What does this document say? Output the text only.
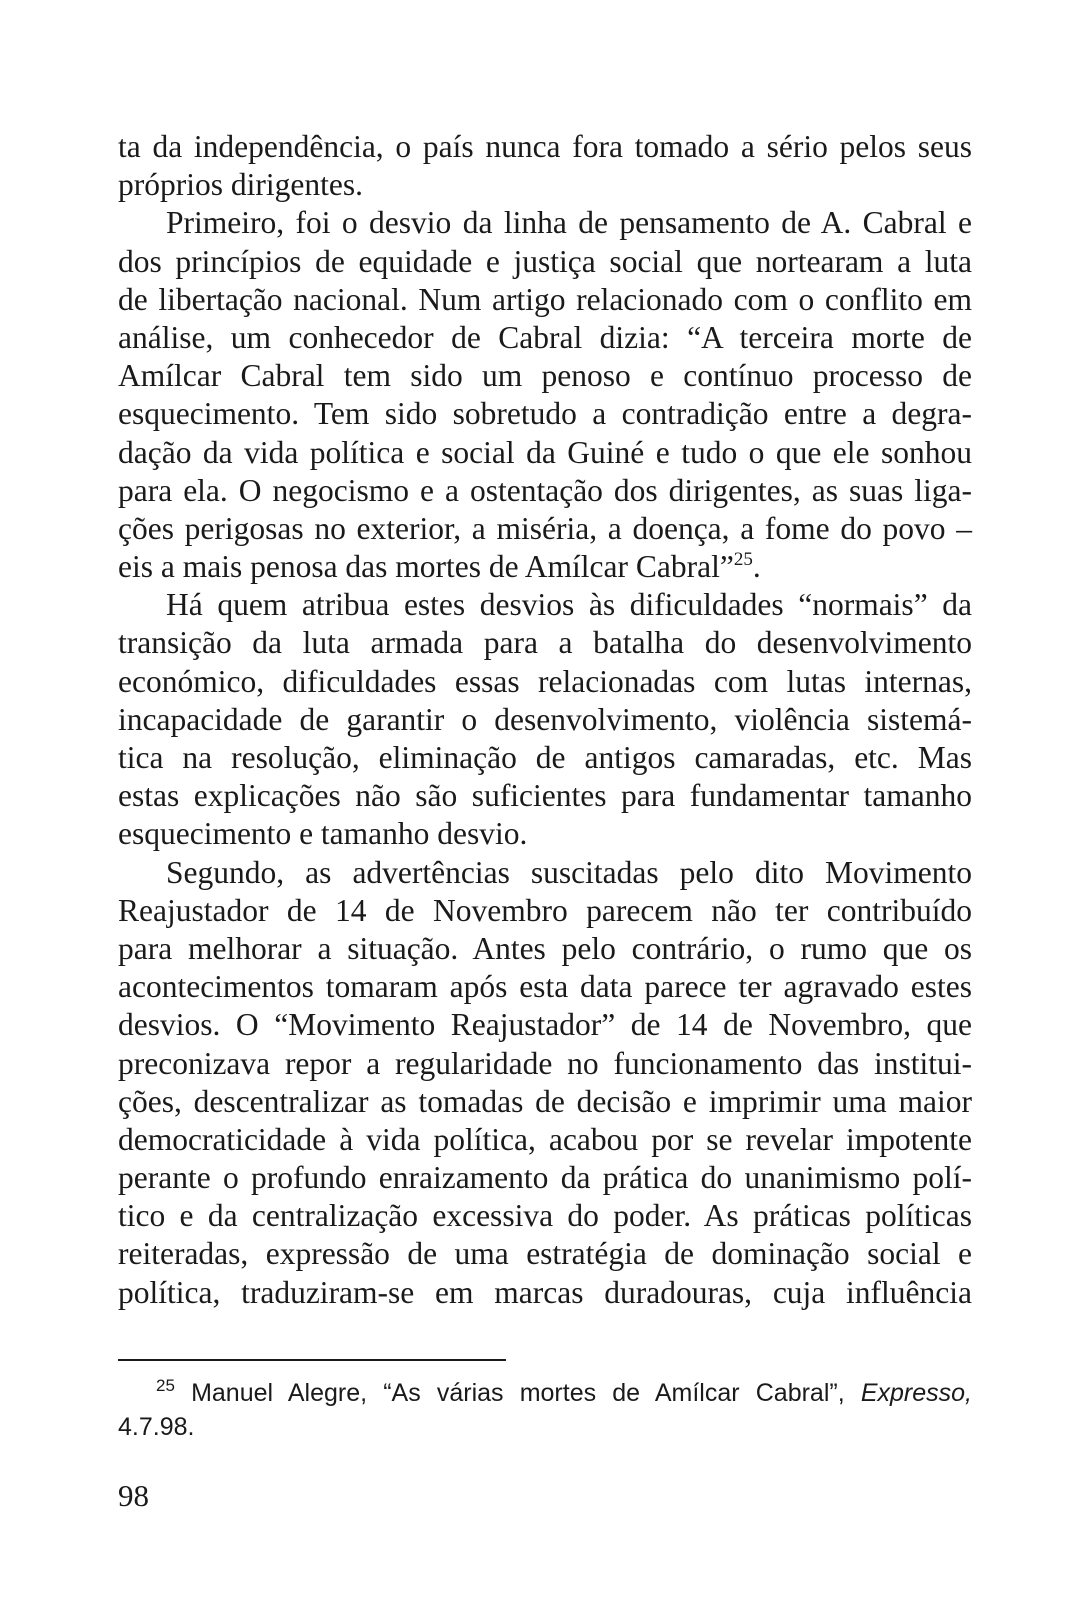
ta da independência, o país nunca fora tomado a sério pelos seus
próprios dirigentes.
Primeiro, foi o desvio da linha de pensamento de A. Cabral e
dos princípios de equidade e justiça social que nortearam a luta
de libertação nacional. Num artigo relacionado com o conflito em
análise, um conhecedor de Cabral dizia: “A terceira morte de
Amílcar Cabral tem sido um penoso e contínuo processo de
esquecimento. Tem sido sobretudo a contradição entre a degra-
dação da vida política e social da Guiné e tudo o que ele sonhou
para ela. O negocismo e a ostentação dos dirigentes, as suas liga-
ções perigosas no exterior, a miséria, a doença, a fome do povo –
eis a mais penosa das mortes de Amílcar Cabral”$^{25}$.
Há quem atribua estes desvios às dificuldades “normais” da
transição da luta armada para a batalha do desenvolvimento
económico, dificuldades essas relacionadas com lutas internas,
incapacidade de garantir o desenvolvimento, violência sistemá-
tica na resolução, eliminação de antigos camaradas, etc. Mas
estas explicações não são suficientes para fundamentar tamanho
esquecimento e tamanho desvio.
Segundo, as advertências suscitadas pelo dito Movimento
Reajustador de 14 de Novembro parecem não ter contribuído
para melhorar a situação. Antes pelo contrário, o rumo que os
acontecimentos tomaram após esta data parece ter agravado estes
desvios. O “Movimento Reajustador” de 14 de Novembro, que
preconizava repor a regularidade no funcionamento das institui-
ções, descentralizar as tomadas de decisão e imprimir uma maior
democraticidade à vida política, acabou por se revelar impotente
perante o profundo enraizamento da prática do unanimismo polí-
tico e da centralização excessiva do poder. As práticas políticas
reiteradas, expressão de uma estratégia de dominação social e
política, traduziram-se em marcas duradouras, cuja influência
$^{25}$ Manuel Alegre, “As várias mortes de Amílcar Cabral”, Expresso,
4.7.98.
98
